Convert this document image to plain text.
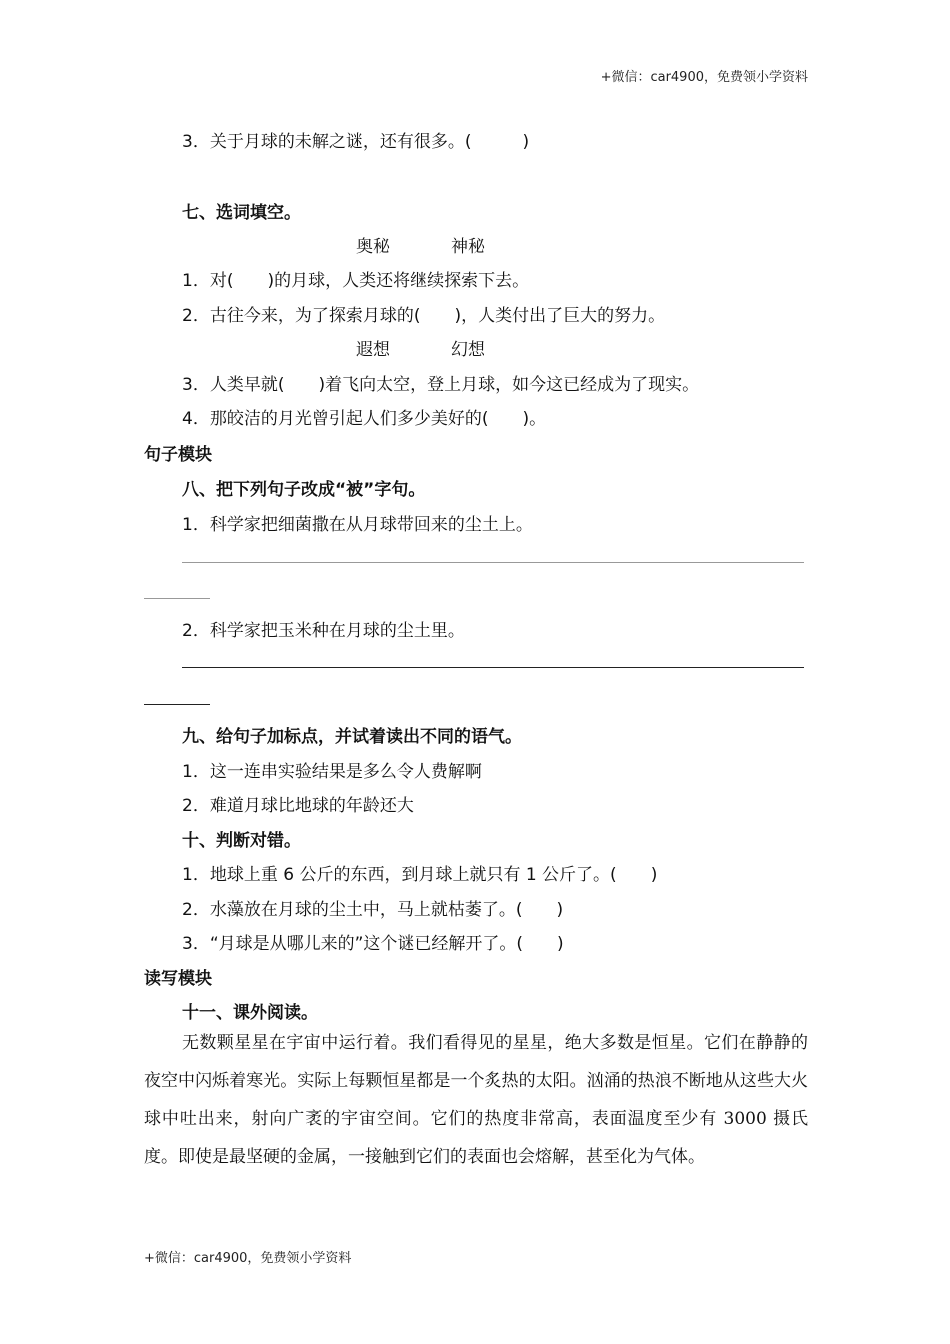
+微信：car4900，免费领小学资料
3．关于月球的未解之谜，还有很多。(　　　)
七、选词填空。
奥秘	神秘
1．对(　　)的月球，人类还将继续探索下去。
2．古往今来，为了探索月球的(　　)，人类付出了巨大的努力。
遐想	幻想
3．人类早就(　　)着飞向太空，登上月球，如今这已经成为了现实。
4．那皎洁的月光曾引起人们多少美好的(　　)。
句子模块
八、把下列句子改成“被”字句。
1．科学家把细菌撒在从月球带回来的尘土上。
2．科学家把玉米种在月球的尘土里。
九、给句子加标点，并试着读出不同的语气。
1．这一连串实验结果是多么令人费解啊
2．难道月球比地球的年龄还大
十、判断对错。
1．地球上重 6 公斤的东西，到月球上就只有 1 公斤了。(　　)
2．水藻放在月球的尘土中，马上就枯萎了。(　　)
3．“月球是从哪儿来的”这个谜已经解开了。(　　)
读写模块
十一、课外阅读。
无数颗星星在宇宙中运行着。我们看得见的星星，绝大多数是恒星。它们在静静的夜空中闪烁着寒光。实际上每颗恒星都是一个炙热的太阳。汹涌的热浪不断地从这些大火球中吐出来，射向广袤的宇宙空间。它们的热度非常高，表面温度至少有 3000 摄氏度。即使是最坚硬的金属，一接触到它们的表面也会熔解，甚至化为气体。
+微信：car4900，免费领小学资料
